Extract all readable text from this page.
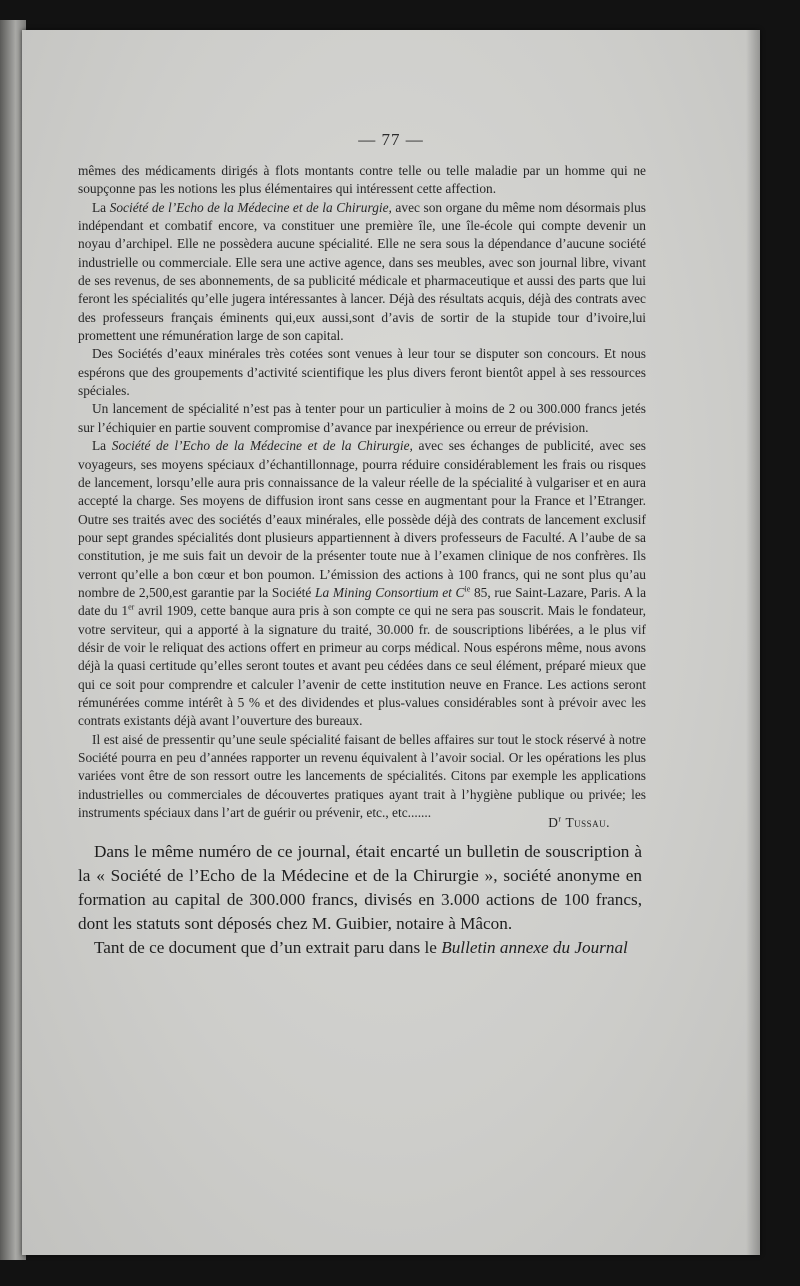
— 77 —

mêmes des médicaments dirigés à flots montants contre telle ou telle maladie par un homme qui ne soupçonne pas les notions les plus élémentaires qui intéressent cette affection.

La Société de l’Echo de la Médecine et de la Chirurgie, avec son organe du même nom désormais plus indépendant et combatif encore, va constituer une première île, une île-école qui compte devenir un noyau d’archipel. Elle ne possèdera aucune spécialité. Elle ne sera sous la dépendance d’aucune société industrielle ou commerciale. Elle sera une active agence, dans ses meubles, avec son journal libre, vivant de ses revenus, de ses abonnements, de sa publicité médicale et pharmaceutique et aussi des parts que lui feront les spécialités qu’elle jugera intéressantes à lancer. Déjà des résultats acquis, déjà des contrats avec des professeurs français éminents qui,eux aussi,sont d’avis de sortir de la stupide tour d’ivoire,lui promettent une rémunération large de son capital.

Des Sociétés d’eaux minérales très cotées sont venues à leur tour se disputer son concours. Et nous espérons que des groupements d’activité scientifique les plus divers feront bientôt appel à ses ressources spéciales.

Un lancement de spécialité n’est pas à tenter pour un particulier à moins de 2 ou 300.000 francs jetés sur l’échiquier en partie souvent compromise d’avance par inexpérience ou erreur de prévision.

La Société de l’Echo de la Médecine et de la Chirurgie, avec ses échanges de publicité, avec ses voyageurs, ses moyens spéciaux d’échantillonnage, pourra réduire considérablement les frais ou risques de lancement, lorsqu’elle aura pris connaissance de la valeur réelle de la spécialité à vulgariser et en aura accepté la charge. Ses moyens de diffusion iront sans cesse en augmentant pour la France et l’Etranger. Outre ses traités avec des sociétés d’eaux minérales, elle possède déjà des contrats de lancement exclusif pour sept grandes spécialités dont plusieurs appartiennent à divers professeurs de Faculté. A l’aube de sa constitution, je me suis fait un devoir de la présenter toute nue à l’examen clinique de nos confrères. Ils verront qu’elle a bon cœur et bon poumon. L’émission des actions à 100 francs, qui ne sont plus qu’au nombre de 2,500,est garantie par la Société La Mining Consortium et $C^{ie}$ 85, rue Saint-Lazare, Paris. A la date du 1er avril 1909, cette banque aura pris à son compte ce qui ne sera pas souscrit. Mais le fondateur, votre serviteur, qui a apporté à la signature du traité, 30.000 fr. de souscriptions libérées, a le plus vif désir de voir le reliquat des actions offert en primeur au corps médical. Nous espérons même, nous avons déjà la quasi certitude qu’elles seront toutes et avant peu cédées dans ce seul élément, préparé mieux que qui ce soit pour comprendre et calculer l’avenir de cette institution neuve en France. Les actions seront rémunérées comme intérêt à 5 % et des dividendes et plus-values considérables sont à prévoir avec les contrats existants déjà avant l’ouverture des bureaux.

Il est aisé de pressentir qu’une seule spécialité faisant de belles affaires sur tout le stock réservé à notre Société pourra en peu d’années rapporter un revenu équivalent à l’avoir social. Or les opérations les plus variées vont être de son ressort outre les lancements de spécialités. Citons par exemple les applications industrielles ou commerciales de découvertes pratiques ayant trait à l’hygiène publique ou privée; les instruments spéciaux dans l’art de guérir ou prévenir, etc., etc.......

$D^r$ Tussau.

Dans le même numéro de ce journal, était encarté un bulletin de souscription à la « Société de l’Echo de la Médecine et de la Chirurgie », société anonyme en formation au capital de 300.000 francs, divisés en 3.000 actions de 100 francs, dont les statuts sont déposés chez M. Guibier, notaire à Mâcon.

Tant de ce document que d’un extrait paru dans le Bulletin annexe du Journal
